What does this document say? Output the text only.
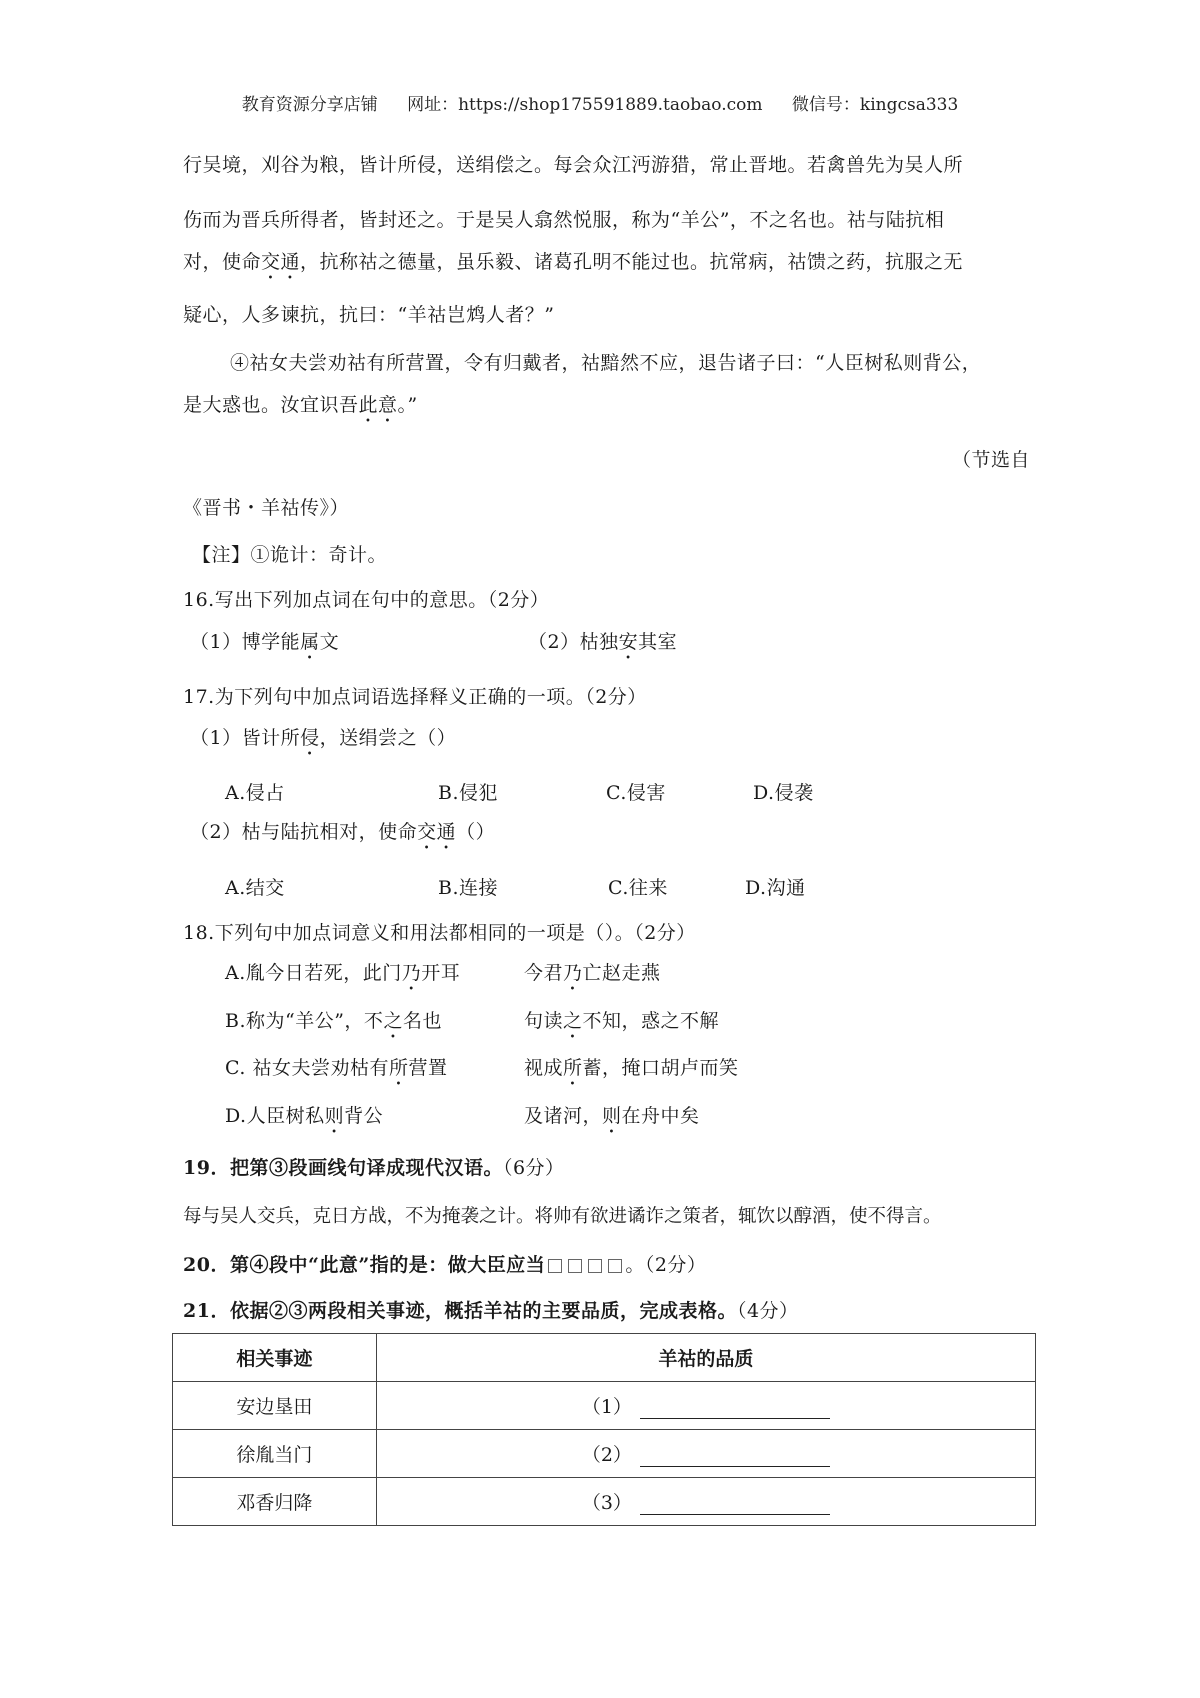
教育资源分享店铺 网址：https://shop175591889.taobao.com 微信号：kingcsa333
行吴境，刈谷为粮，皆计所侵，送绢偿之。每会众江沔游猎，常止晋地。若禽兽先为吴人所
伤而为晋兵所得者，皆封还之。于是吴人翕然悦服，称为“羊公”，不之名也。祜与陆抗相
对，使命交通，抗称祜之德量，虽乐毅、诸葛孔明不能过也。抗常病，祜馈之药，抗服之无
疑心，人多谏抗，抗曰：“羊祜岂鸩人者？”
④祜女夫尝劝祜有所营置，令有归戴者，祜黯然不应，退告诸子曰：“人臣树私则背公，
是大惑也。汝宜识吾此意。”
（节选自
《晋书・羊祜传》）
【注】①诡计：奇计。
16.写出下列加点词在句中的意思。（2分）
（1）博学能属文	（2）枯独安其室
17.为下列句中加点词语选择释义正确的一项。（2分）
（1）皆计所侵，送绢尝之（）
A.侵占	B.侵犯	C.侵害	D.侵袭
（2）枯与陆抗相对，使命交通（）
A.结交	B.连接	C.往来	D.沟通
18.下列句中加点词意义和用法都相同的一项是（）。（2分）
A.胤今日若死，此门乃开耳	今君乃亡赵走燕
B.称为“羊公”，不之名也	句读之不知，惑之不解
C. 祜女夫尝劝枯有所营置	视成所蓄，掩口胡卢而笑
D.人臣树私则背公	及诸河，则在舟中矣
19．把第③段画线句译成现代汉语。（6分）
每与吴人交兵，克日方战，不为掩袭之计。将帅有欲进谲诈之策者，辄饮以醇酒，使不得言。
20．第④段中“此意”指的是：做大臣应当	。（2分）
21．依据②③两段相关事迹，概括羊祜的主要品质，完成表格。（4分）
相关事迹	羊祜的品质
安边垦田	（1）
徐胤当门	（2）
邓香归降	（3）
